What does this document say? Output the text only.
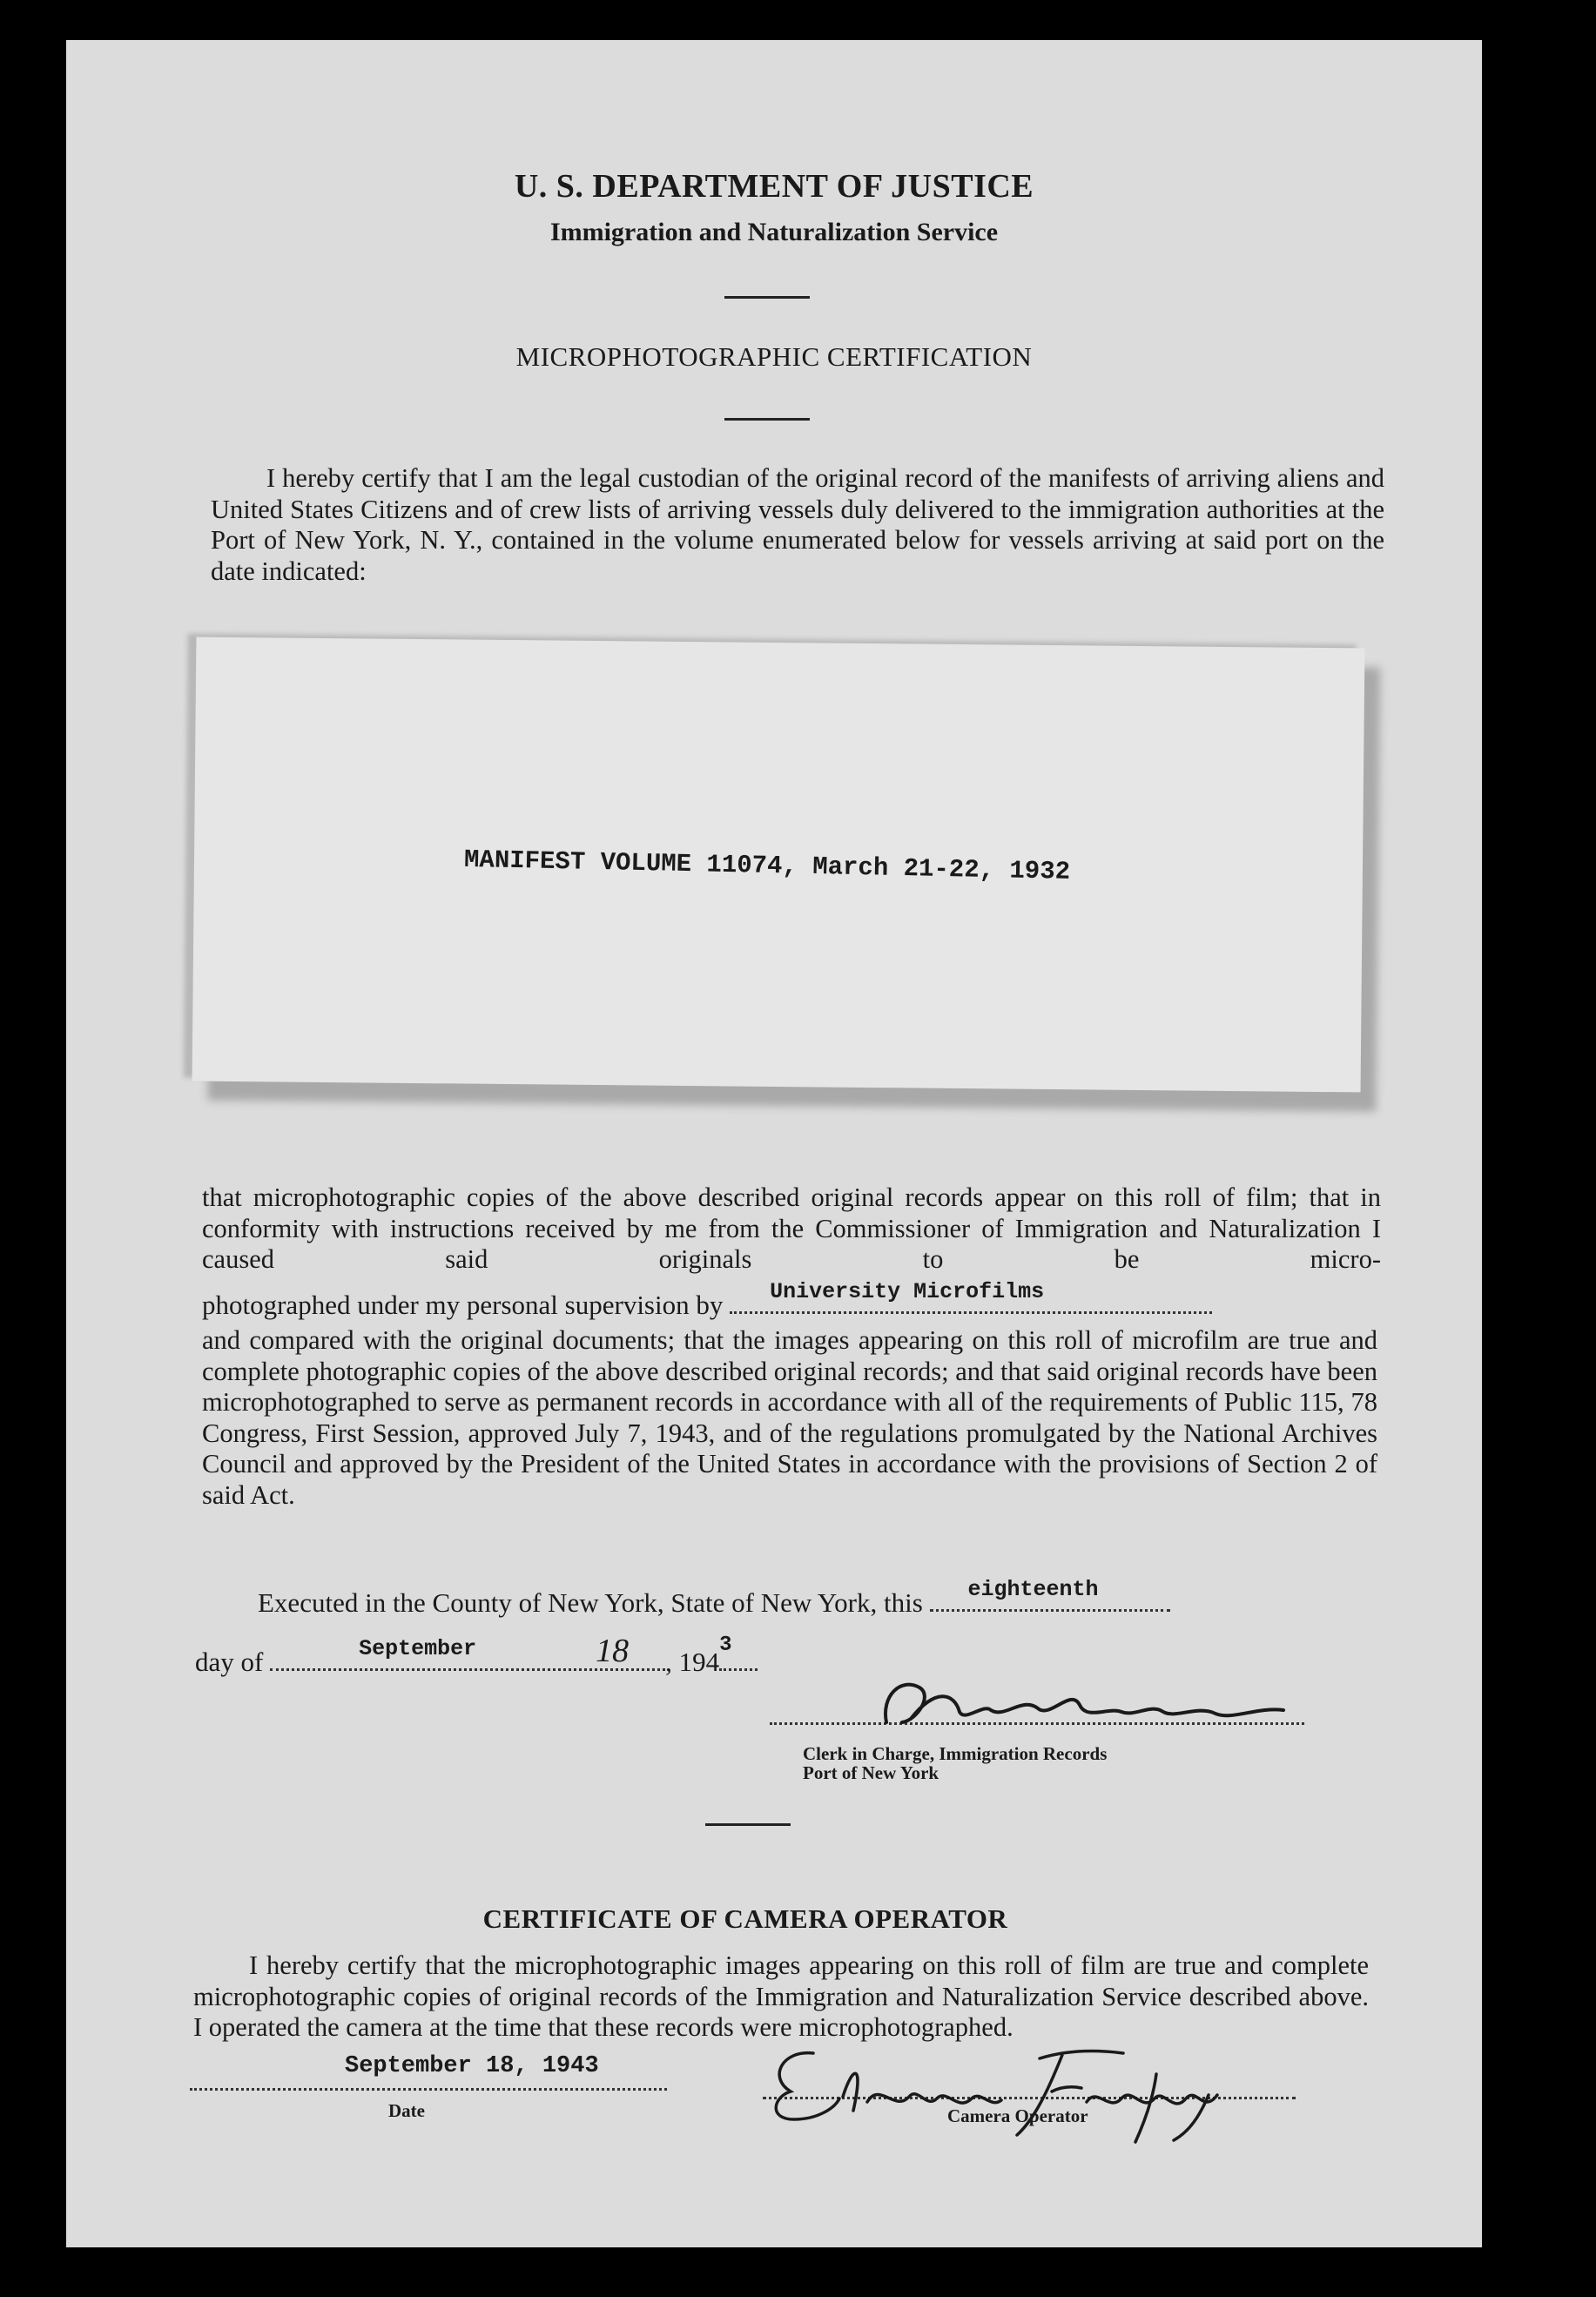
U. S. DEPARTMENT OF JUSTICE
Immigration and Naturalization Service
MICROPHOTOGRAPHIC CERTIFICATION

I hereby certify that I am the legal custodian of the original record of the manifests of arriving aliens and United States Citizens and of crew lists of arriving vessels duly delivered to the immigration authorities at the Port of New York, N. Y., contained in the volume enumerated below for vessels arriving at said port on the date indicated:

MANIFEST VOLUME 11074, March 21-22, 1932

that microphotographic copies of the above described original records appear on this roll of film; that in conformity with instructions received by me from the Commissioner of Immigration and Naturalization I caused said originals to be micro-

photographed under my personal supervision by University Microfilms

and compared with the original documents; that the images appearing on this roll of microfilm are true and complete photographic copies of the above described original records; and that said original records have been microphotographed to serve as permanent records in accordance with all of the requirements of Public 115, 78 Congress, First Session, approved July 7, 1943, and of the regulations promulgated by the National Archives Council and approved by the President of the United States in accordance with the provisions of Section 2 of said Act.

Executed in the County of New York, State of New York, this eighteenth
day of	September	18 , 194
3
Clerk in Charge, Immigration Records
Port of New York
CERTIFICATE OF CAMERA OPERATOR

I hereby certify that the microphotographic images appearing on this roll of film are true and complete microphotographic copies of original records of the Immigration and Naturalization Service described above. I operated the camera at the time that these records were microphotographed.

September 18, 1943
Date	Camera Operator
